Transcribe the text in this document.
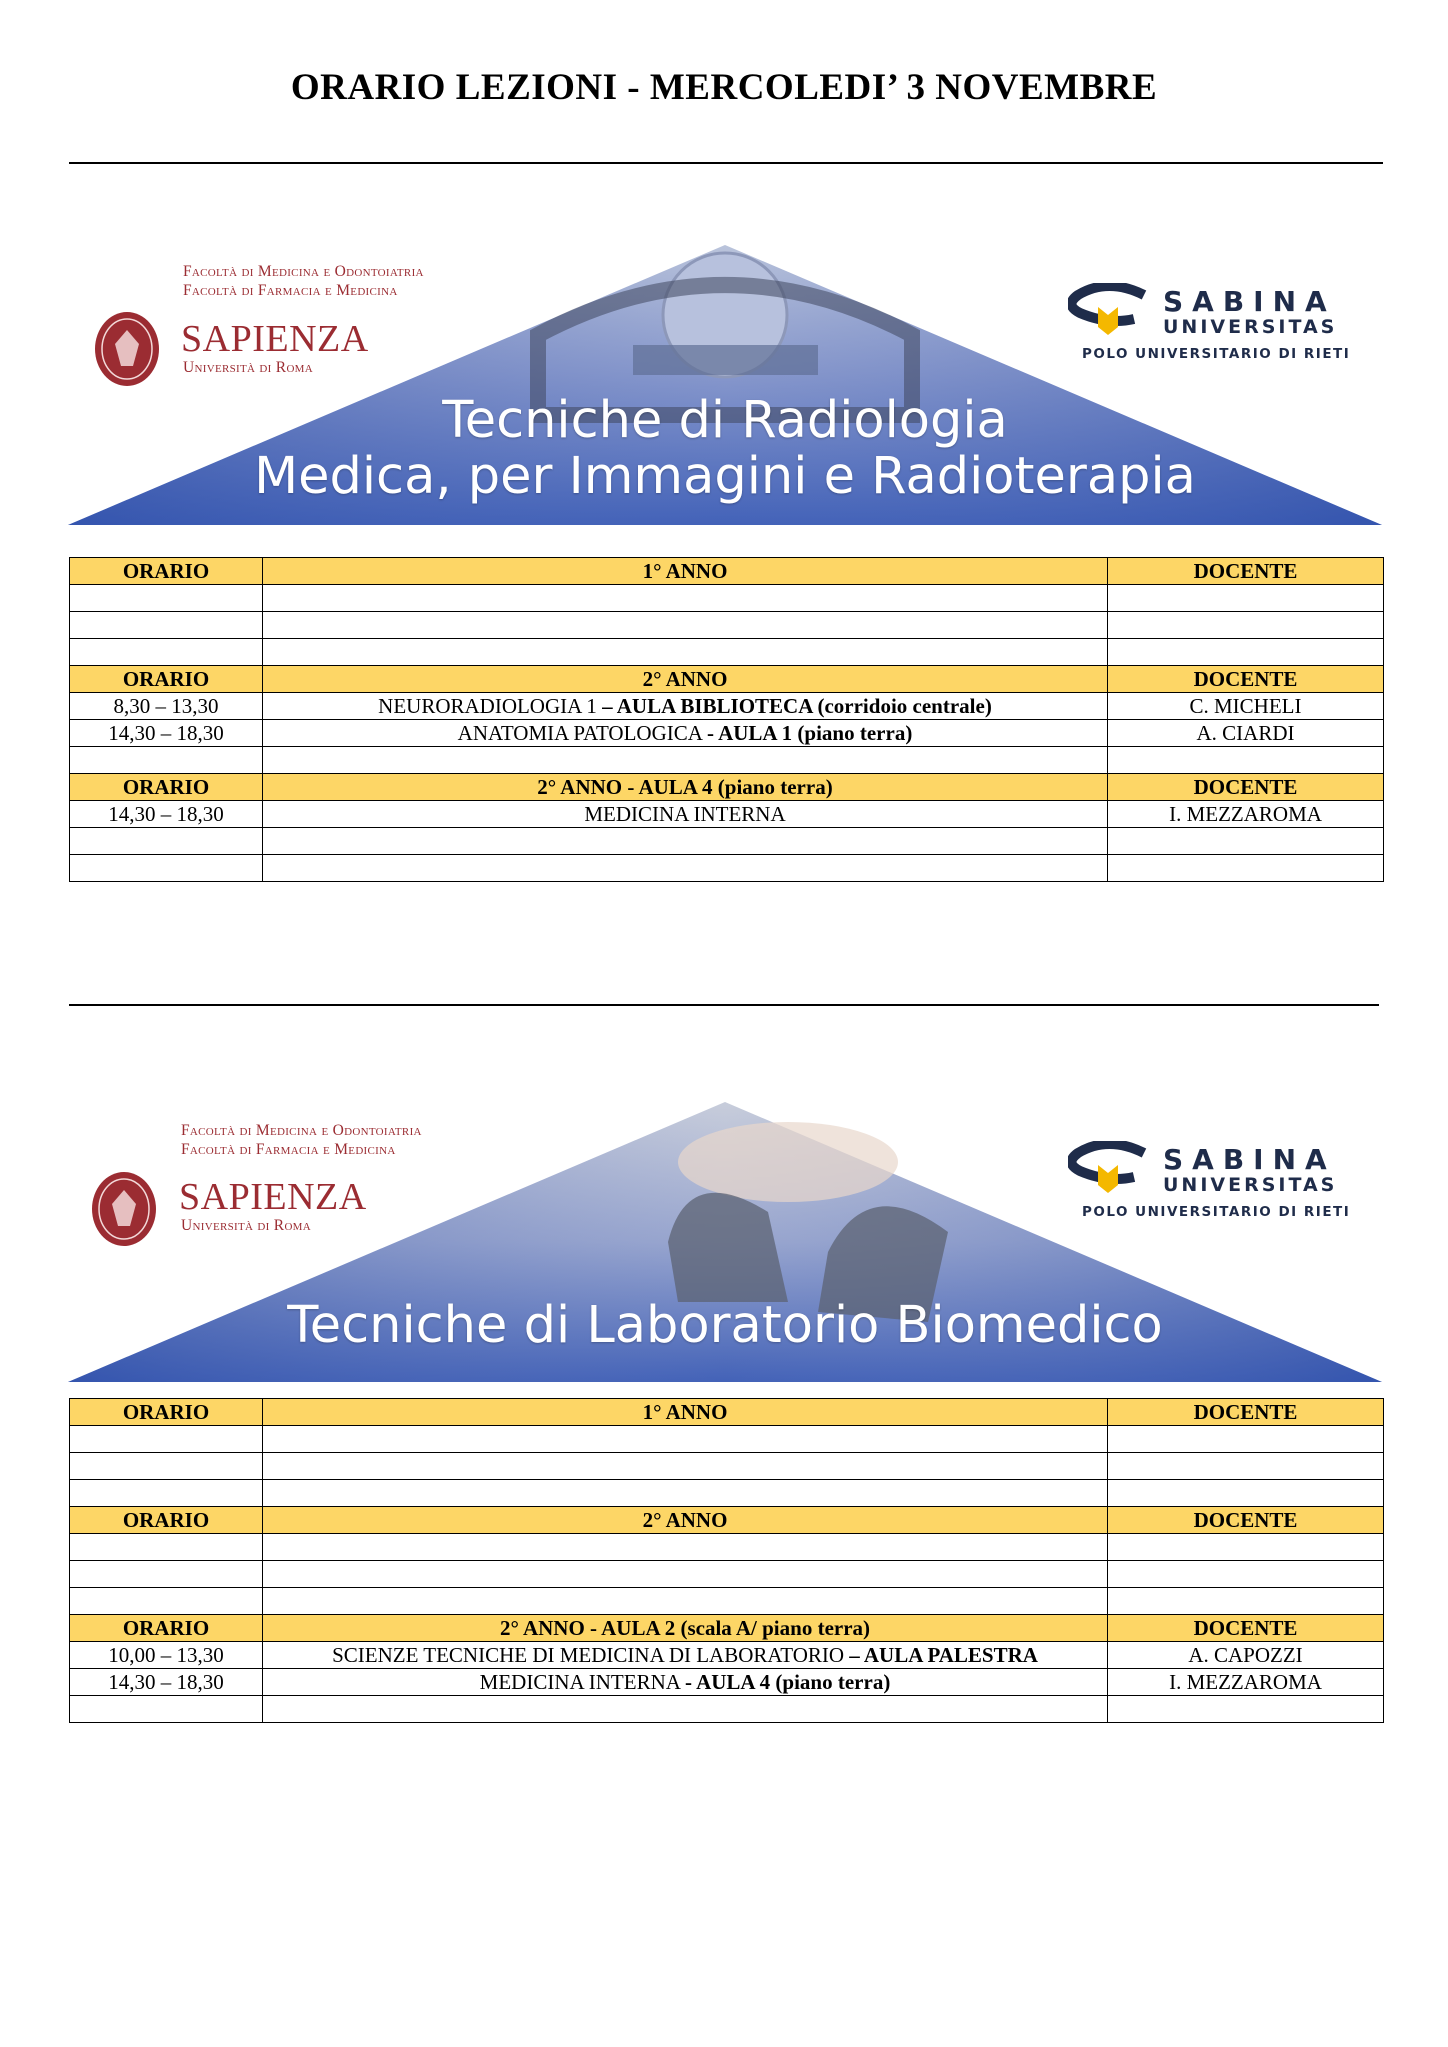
ORARIO LEZIONI - MERCOLEDI’ 3 NOVEMBRE
Tecniche di Radiologia
Medica, per Immagini e Radioterapia
Facoltà di Medicina e Odontoiatria
Facoltà di Farmacia e Medicina
SAPIENZA
Università di Roma
SABINA
UNIVERSITAS
POLO UNIVERSITARIO DI RIETI
ORARIO	1° ANNO	DOCENTE

ORARIO	2° ANNO	DOCENTE
8,30 – 13,30	NEURORADIOLOGIA 1 – AULA BIBLIOTECA (corridoio centrale)	C. MICHELI
14,30 – 18,30	ANATOMIA PATOLOGICA - AULA 1 (piano terra)	A. CIARDI

ORARIO	2° ANNO - AULA 4 (piano terra)	DOCENTE
14,30 – 18,30	MEDICINA INTERNA	I. MEZZAROMA

Tecniche di Laboratorio Biomedico
Facoltà di Medicina e Odontoiatria
Facoltà di Farmacia e Medicina
SAPIENZA
Università di Roma
SABINA
UNIVERSITAS
POLO UNIVERSITARIO DI RIETI
ORARIO	1° ANNO	DOCENTE

ORARIO	2° ANNO	DOCENTE

ORARIO	2° ANNO - AULA 2 (scala A/ piano terra)	DOCENTE
10,00 – 13,30	SCIENZE TECNICHE DI MEDICINA DI LABORATORIO – AULA PALESTRA	A. CAPOZZI
14,30 – 18,30	MEDICINA INTERNA - AULA 4 (piano terra)	I. MEZZAROMA
